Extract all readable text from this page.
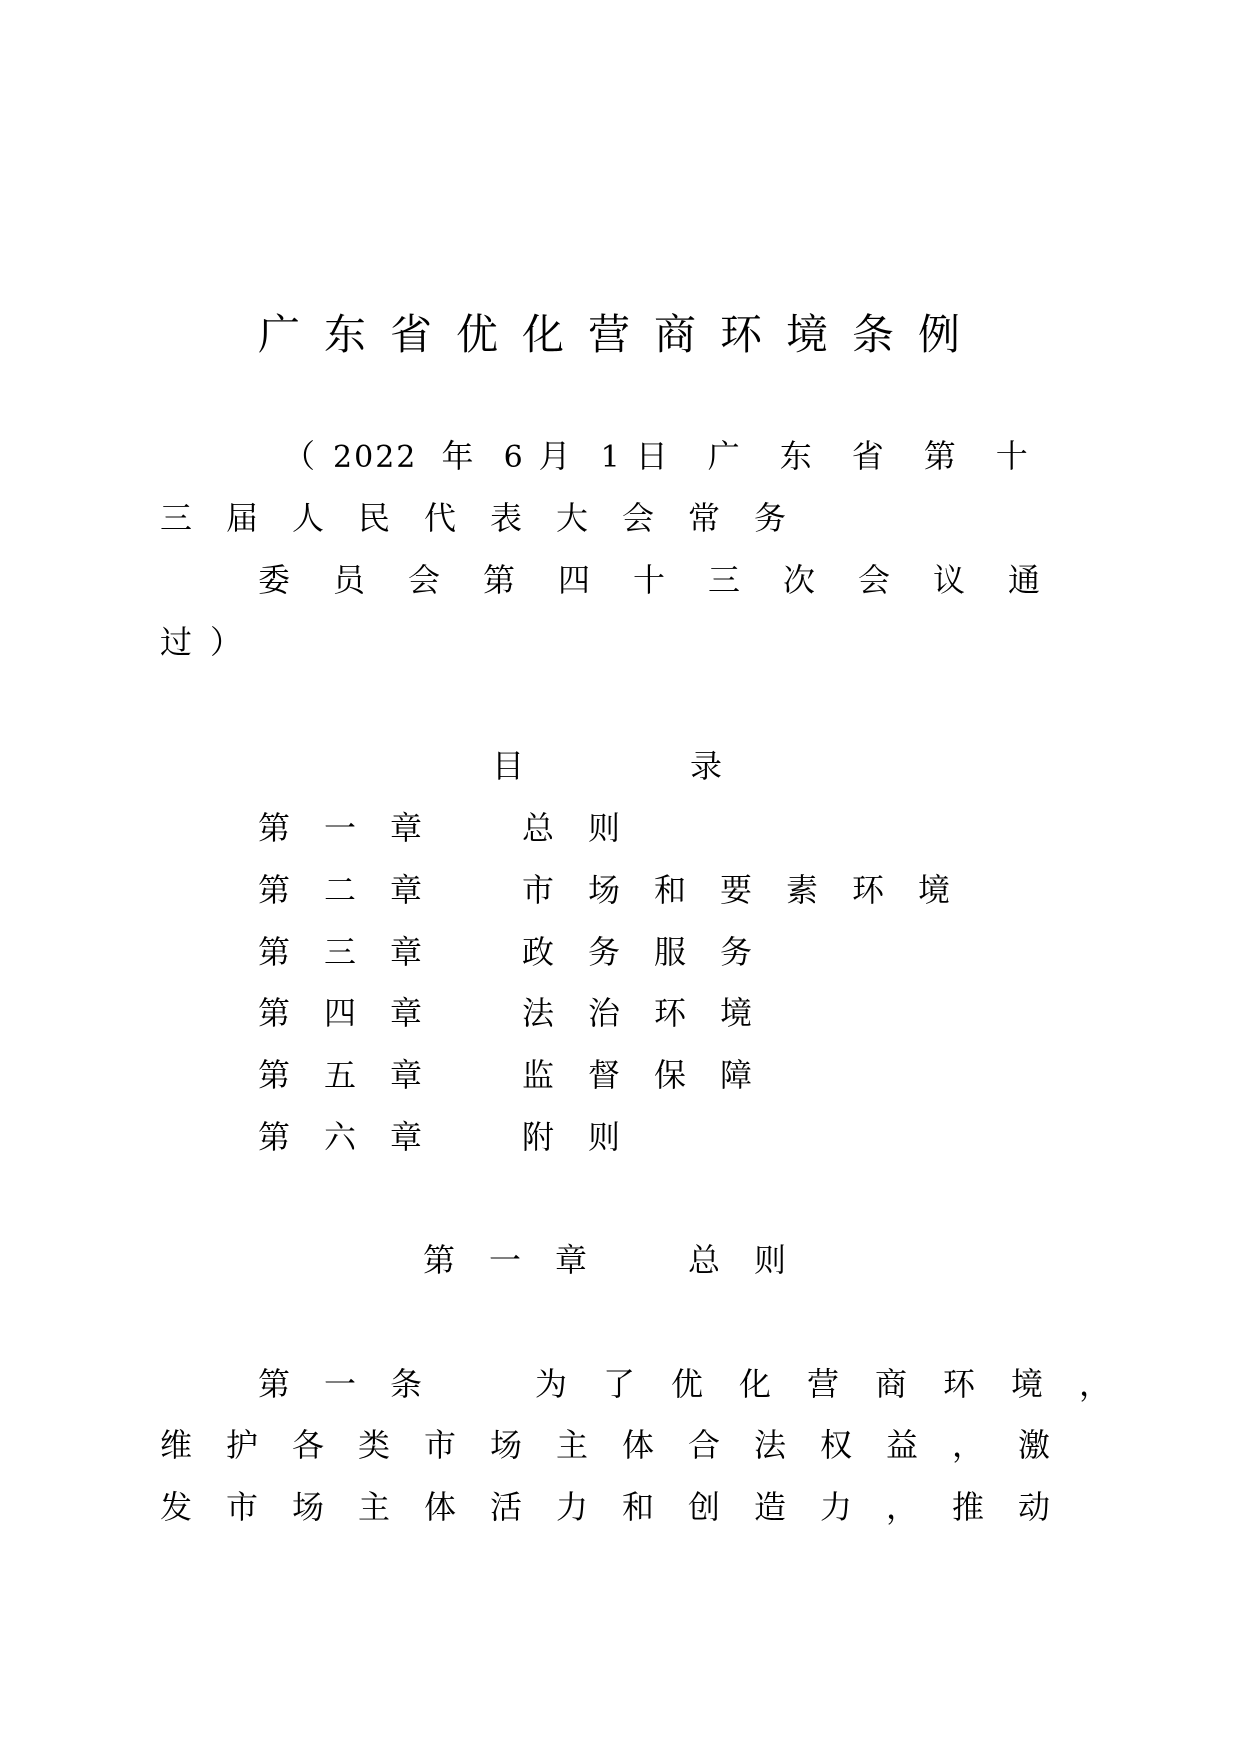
广东省优化营商环境条例
（2022 年6月1日广东省第十
三届人民代表大会常务
委员会第四十三次会议通
过）
目	录
第一章 总则
第二章 市场和要素环境
第三章 政务服务
第四章 法治环境
第五章 监督保障
第六章 附则
第一章 总则
第一条 为了优化营商环境，
维护各类市场主体合法权益，激
发市场主体活力和创造力，推动
